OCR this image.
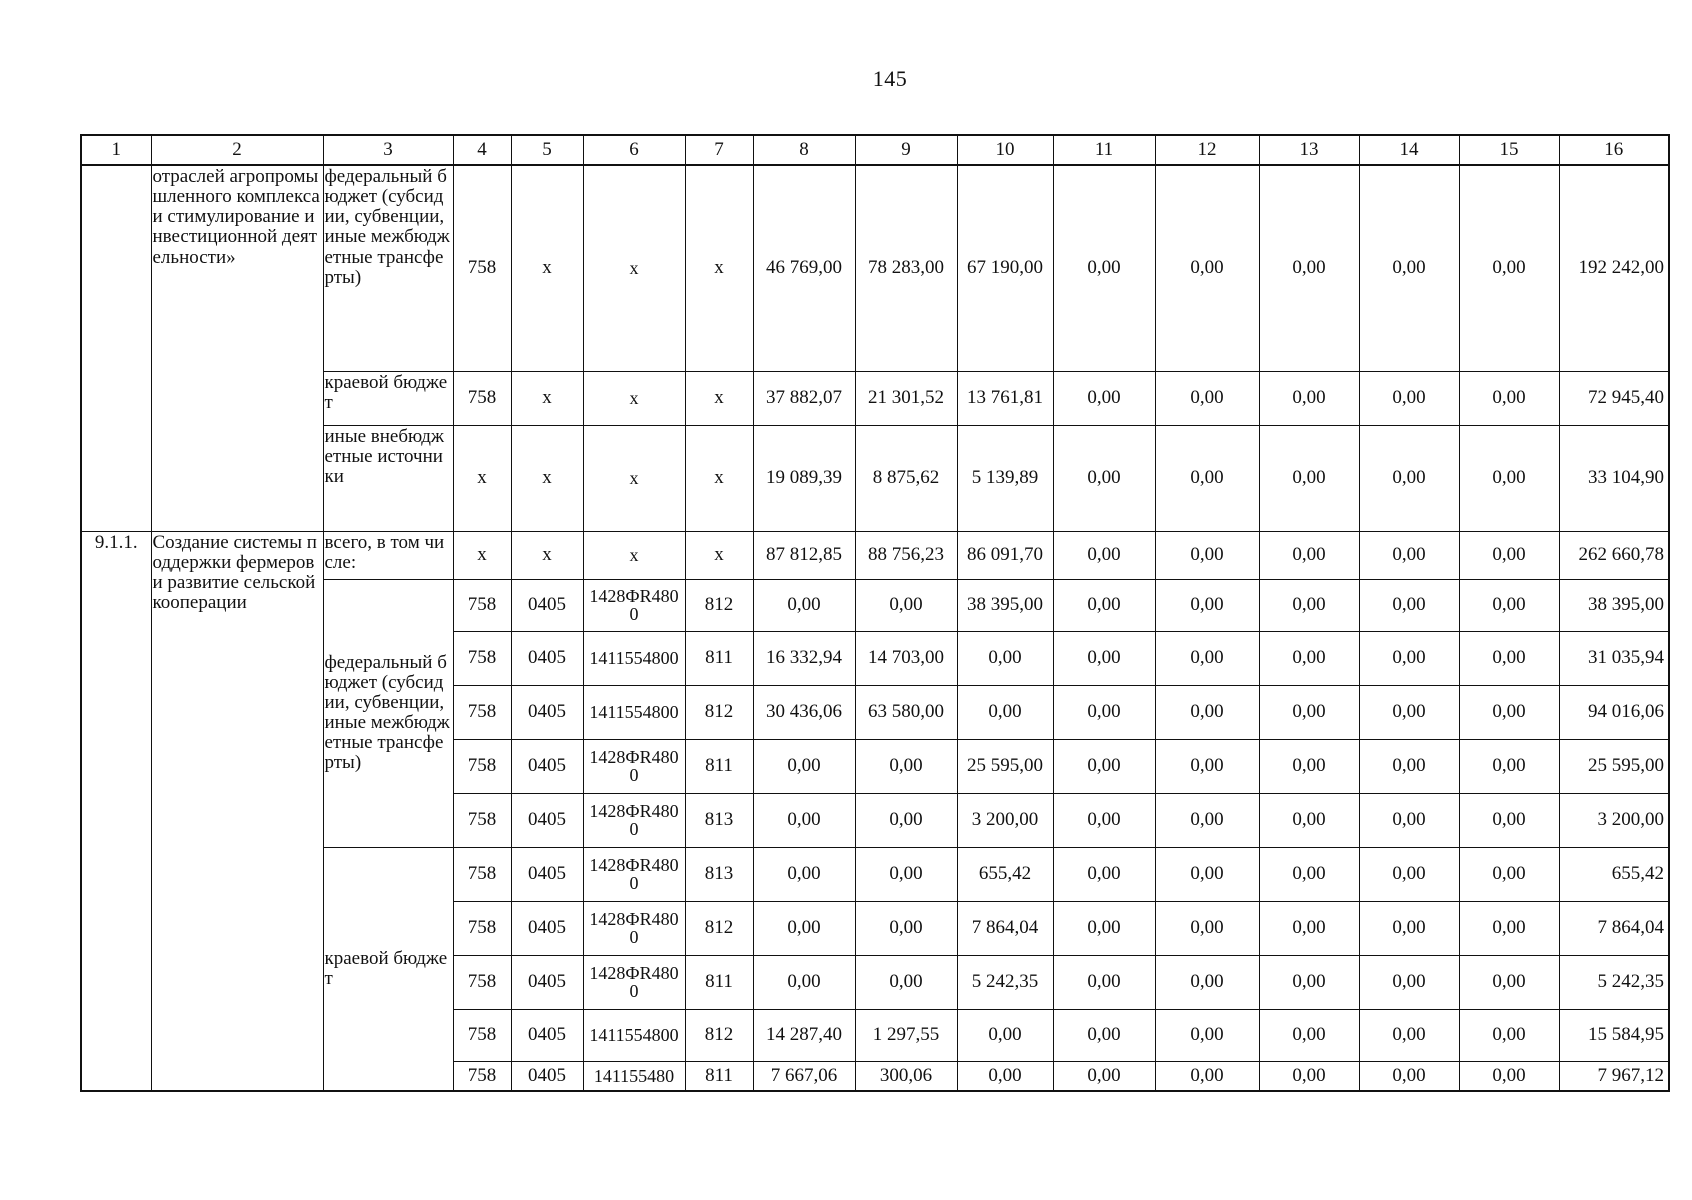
145
1	2	3	4	5	6	7	8	9	10	11	12	13	14	15	16
	отраслей агропромышленного комплекса и стимулирование инвестиционной деятельности»	федеральный бюджет (субсидии, субвенции, иные межбюджетные трансферты)	758	х	х	х	46 769,00	78 283,00	67 190,00	0,00	0,00	0,00	0,00	0,00	192 242,00
		краевой бюджет	758	х	х	х	37 882,07	21 301,52	13 761,81	0,00	0,00	0,00	0,00	0,00	72 945,40
		иные внебюджетные источники	х	х	х	х	19 089,39	8 875,62	5 139,89	0,00	0,00	0,00	0,00	0,00	33 104,90
9.1.1.	Создание системы поддержки фермеров и развитие сельской кооперации	всего, в том числе:	х	х	х	х	87 812,85	88 756,23	86 091,70	0,00	0,00	0,00	0,00	0,00	262 660,78
		федеральный бюджет (субсидии, субвенции, иные межбюджетные трансферты)	758	0405	1428ФR4800	812	0,00	0,00	38 395,00	0,00	0,00	0,00	0,00	0,00	38 395,00
			758	0405	1411554800	811	16 332,94	14 703,00	0,00	0,00	0,00	0,00	0,00	0,00	31 035,94
			758	0405	1411554800	812	30 436,06	63 580,00	0,00	0,00	0,00	0,00	0,00	0,00	94 016,06
			758	0405	1428ФR4800	811	0,00	0,00	25 595,00	0,00	0,00	0,00	0,00	0,00	25 595,00
			758	0405	1428ФR4800	813	0,00	0,00	3 200,00	0,00	0,00	0,00	0,00	0,00	3 200,00
		краевой бюджет	758	0405	1428ФR4800	813	0,00	0,00	655,42	0,00	0,00	0,00	0,00	0,00	655,42
			758	0405	1428ФR4800	812	0,00	0,00	7 864,04	0,00	0,00	0,00	0,00	0,00	7 864,04
			758	0405	1428ФR4800	811	0,00	0,00	5 242,35	0,00	0,00	0,00	0,00	0,00	5 242,35
			758	0405	1411554800	812	14 287,40	1 297,55	0,00	0,00	0,00	0,00	0,00	0,00	15 584,95
			758	0405	141155480	811	7 667,06	300,06	0,00	0,00	0,00	0,00	0,00	0,00	7 967,12
